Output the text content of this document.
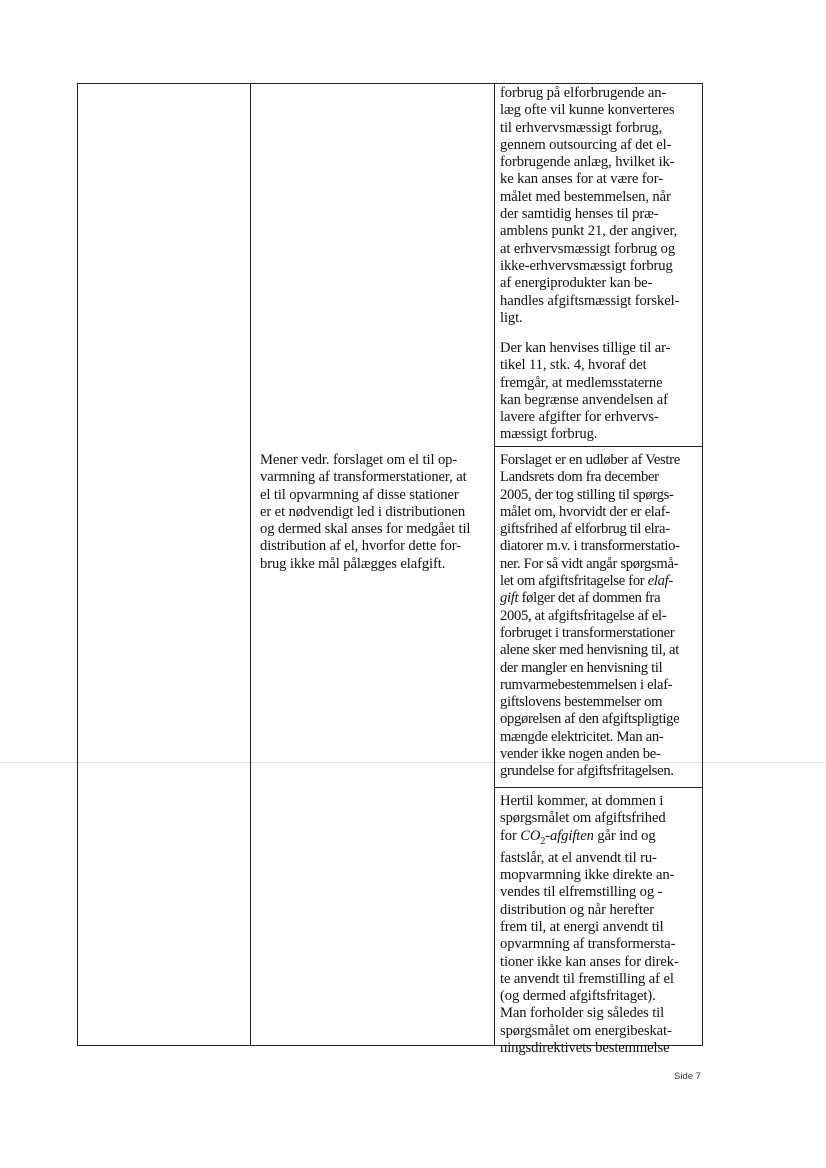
Mener vedr. forslaget om el til op-
varmning af transformerstationer, at
el til opvarmning af disse stationer
er et nødvendigt led i distributionen
og dermed skal anses for medgået til
distribution af el, hvorfor dette for-
brug ikke mål pålægges elafgift.
forbrug på elforbrugende an-
læg ofte vil kunne konverteres
til erhvervsmæssigt forbrug,
gennem outsourcing af det el-
forbrugende anlæg, hvilket ik-
ke kan anses for at være for-
målet med bestemmelsen, når
der samtidig henses til præ-
amblens punkt 21, der angiver,
at erhvervsmæssigt forbrug og
ikke-erhvervsmæssigt forbrug
af energiprodukter kan be-
handles afgiftsmæssigt forskel-
ligt.
Der kan henvises tillige til ar-
tikel 11, stk. 4, hvoraf det
fremgår, at medlemsstaterne
kan begrænse anvendelsen af
lavere afgifter for erhvervs-
mæssigt forbrug.
Forslaget er en udløber af Vestre
Landsrets dom fra december
2005, der tog stilling til spørgs-
målet om, hvorvidt der er elaf-
giftsfrihed af elforbrug til elra-
diatorer m.v. i transformerstatio-
ner. For så vidt angår spørgsmå-
let om afgiftsfritagelse for elaf-
gift følger det af dommen fra
2005, at afgiftsfritagelse af el-
forbruget i transformerstationer
alene sker med henvisning til, at
der mangler en henvisning til
rumvarmebestemmelsen i elaf-
giftslovens bestemmelser om
opgørelsen af den afgiftspligtige
mængde elektricitet. Man an-
vender ikke nogen anden be-
grundelse for afgiftsfritagelsen.
Hertil kommer, at dommen i
spørgsmålet om afgiftsfrihed
for $CO_2$-afgiften går ind og
fastslår, at el anvendt til ru-
mopvarmning ikke direkte an-
vendes til elfremstilling og -
distribution og når herefter
frem til, at energi anvendt til
opvarmning af transformersta-
tioner ikke kan anses for direk-
te anvendt til fremstilling af el
(og dermed afgiftsfritaget).
Man forholder sig således til
spørgsmålet om energibeskat-
ningsdirektivets bestemmelse
Side 7
